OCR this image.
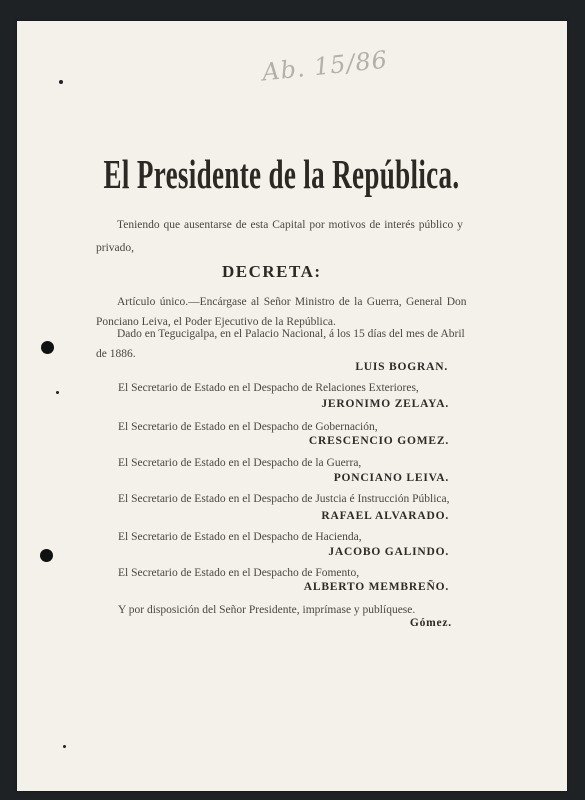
Ab. 15/86
El Presidente de la República.
Teniendo que ausentarse de esta Capital por motivos de interés público y
privado,
DECRETA:
Artículo único.—Encárgase al Señor Ministro de la Guerra, General Don
Ponciano Leiva, el Poder Ejecutivo de la República.
Dado en Tegucigalpa, en el Palacio Nacional, á los 15 días del mes de Abril
de 1886.
LUIS BOGRAN.
El Secretario de Estado en el Despacho de Relaciones Exteriores,
JERONIMO ZELAYA.
El Secretario de Estado en el Despacho de Gobernación,
CRESCENCIO GOMEZ.
El Secretario de Estado en el Despacho de la Guerra,
PONCIANO LEIVA.
El Secretario de Estado en el Despacho de Justcia é Instrucción Pública,
RAFAEL ALVARADO.
El Secretario de Estado en el Despacho de Hacienda,
JACOBO GALINDO.
El Secretario de Estado en el Despacho de Fomento,
ALBERTO MEMBREÑO.
Y por disposición del Señor Presidente, imprímase y publíquese.
Gómez.
